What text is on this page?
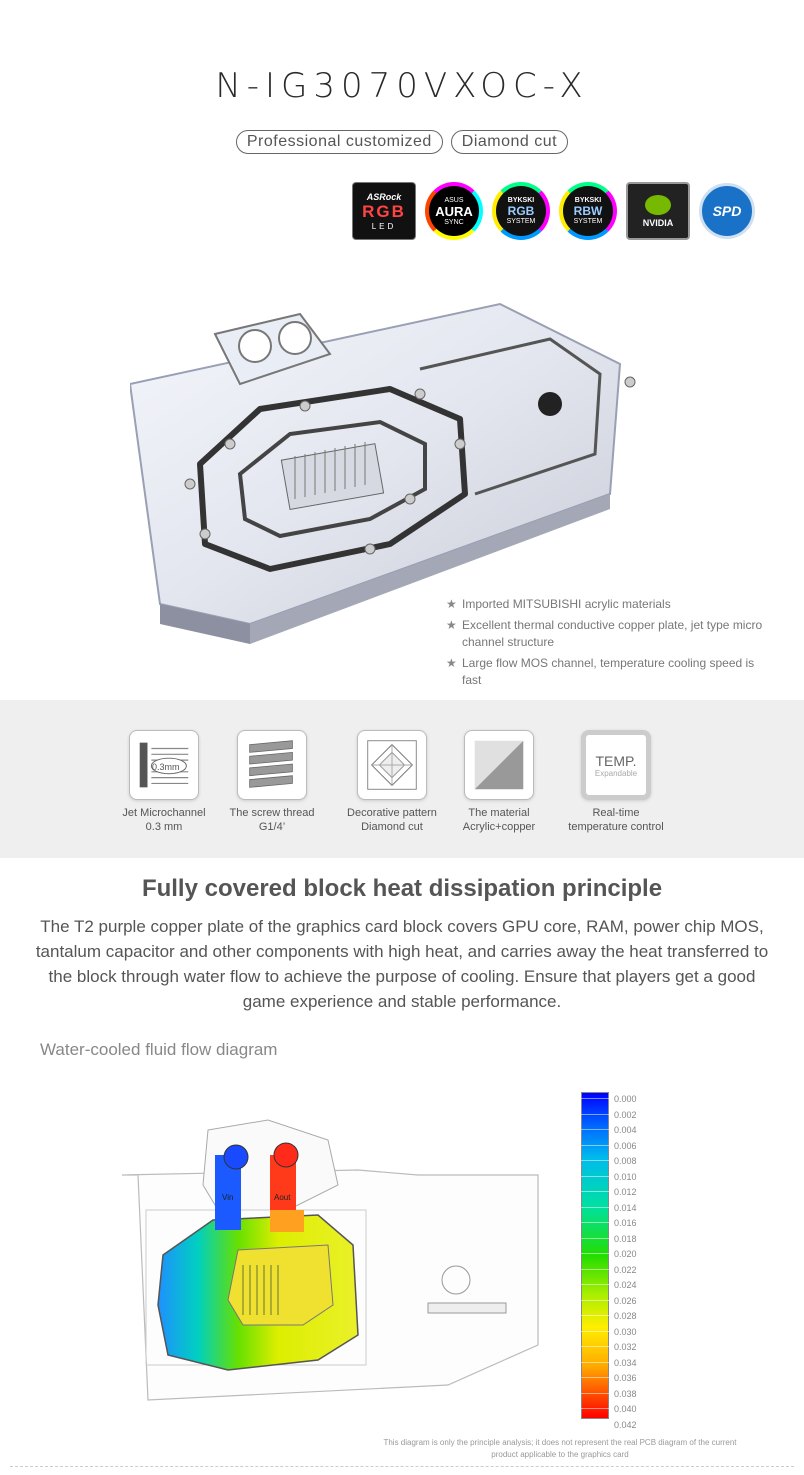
N-IG3070VXOC-X
Professional customized	Diamond cut
ASRock
RGB
LED
ASUS
AURA
SYNC
BYKSKI
RGB
SYSTEM
BYKSKI
RBW
SYSTEM	NVIDIA
SPD
★ Imported MITSUBISHI acrylic materials
★ Excellent thermal conductive copper plate, jet type micro channel structure
★ Large flow MOS channel, temperature cooling speed is fast
0.3mm
Jet Microchannel
0.3 mm
The screw thread
G1/4’
Decorative pattern
Diamond cut
The material
Acrylic+copper
TEMP.
Expandable
Real-time
temperature control
Fully covered block heat dissipation principle
The T2 purple copper plate of the graphics card block covers GPU core, RAM, power chip MOS, tantalum capacitor and other components with high heat, and carries away the heat transferred to the block through water flow to achieve the purpose of cooling. Ensure that players get a good game experience and stable performance.
Water-cooled fluid flow diagram
Vin	Aout
0.000
0.002
0.004
0.006
0.008
0.010
0.012
0.014
0.016
0.018
0.020
0.022
0.024
0.026
0.028
0.030
0.032
0.034
0.036
0.038
0.040
0.042
This diagram is only the principle analysis; it does not represent the real PCB diagram of the current product applicable to the graphics card
